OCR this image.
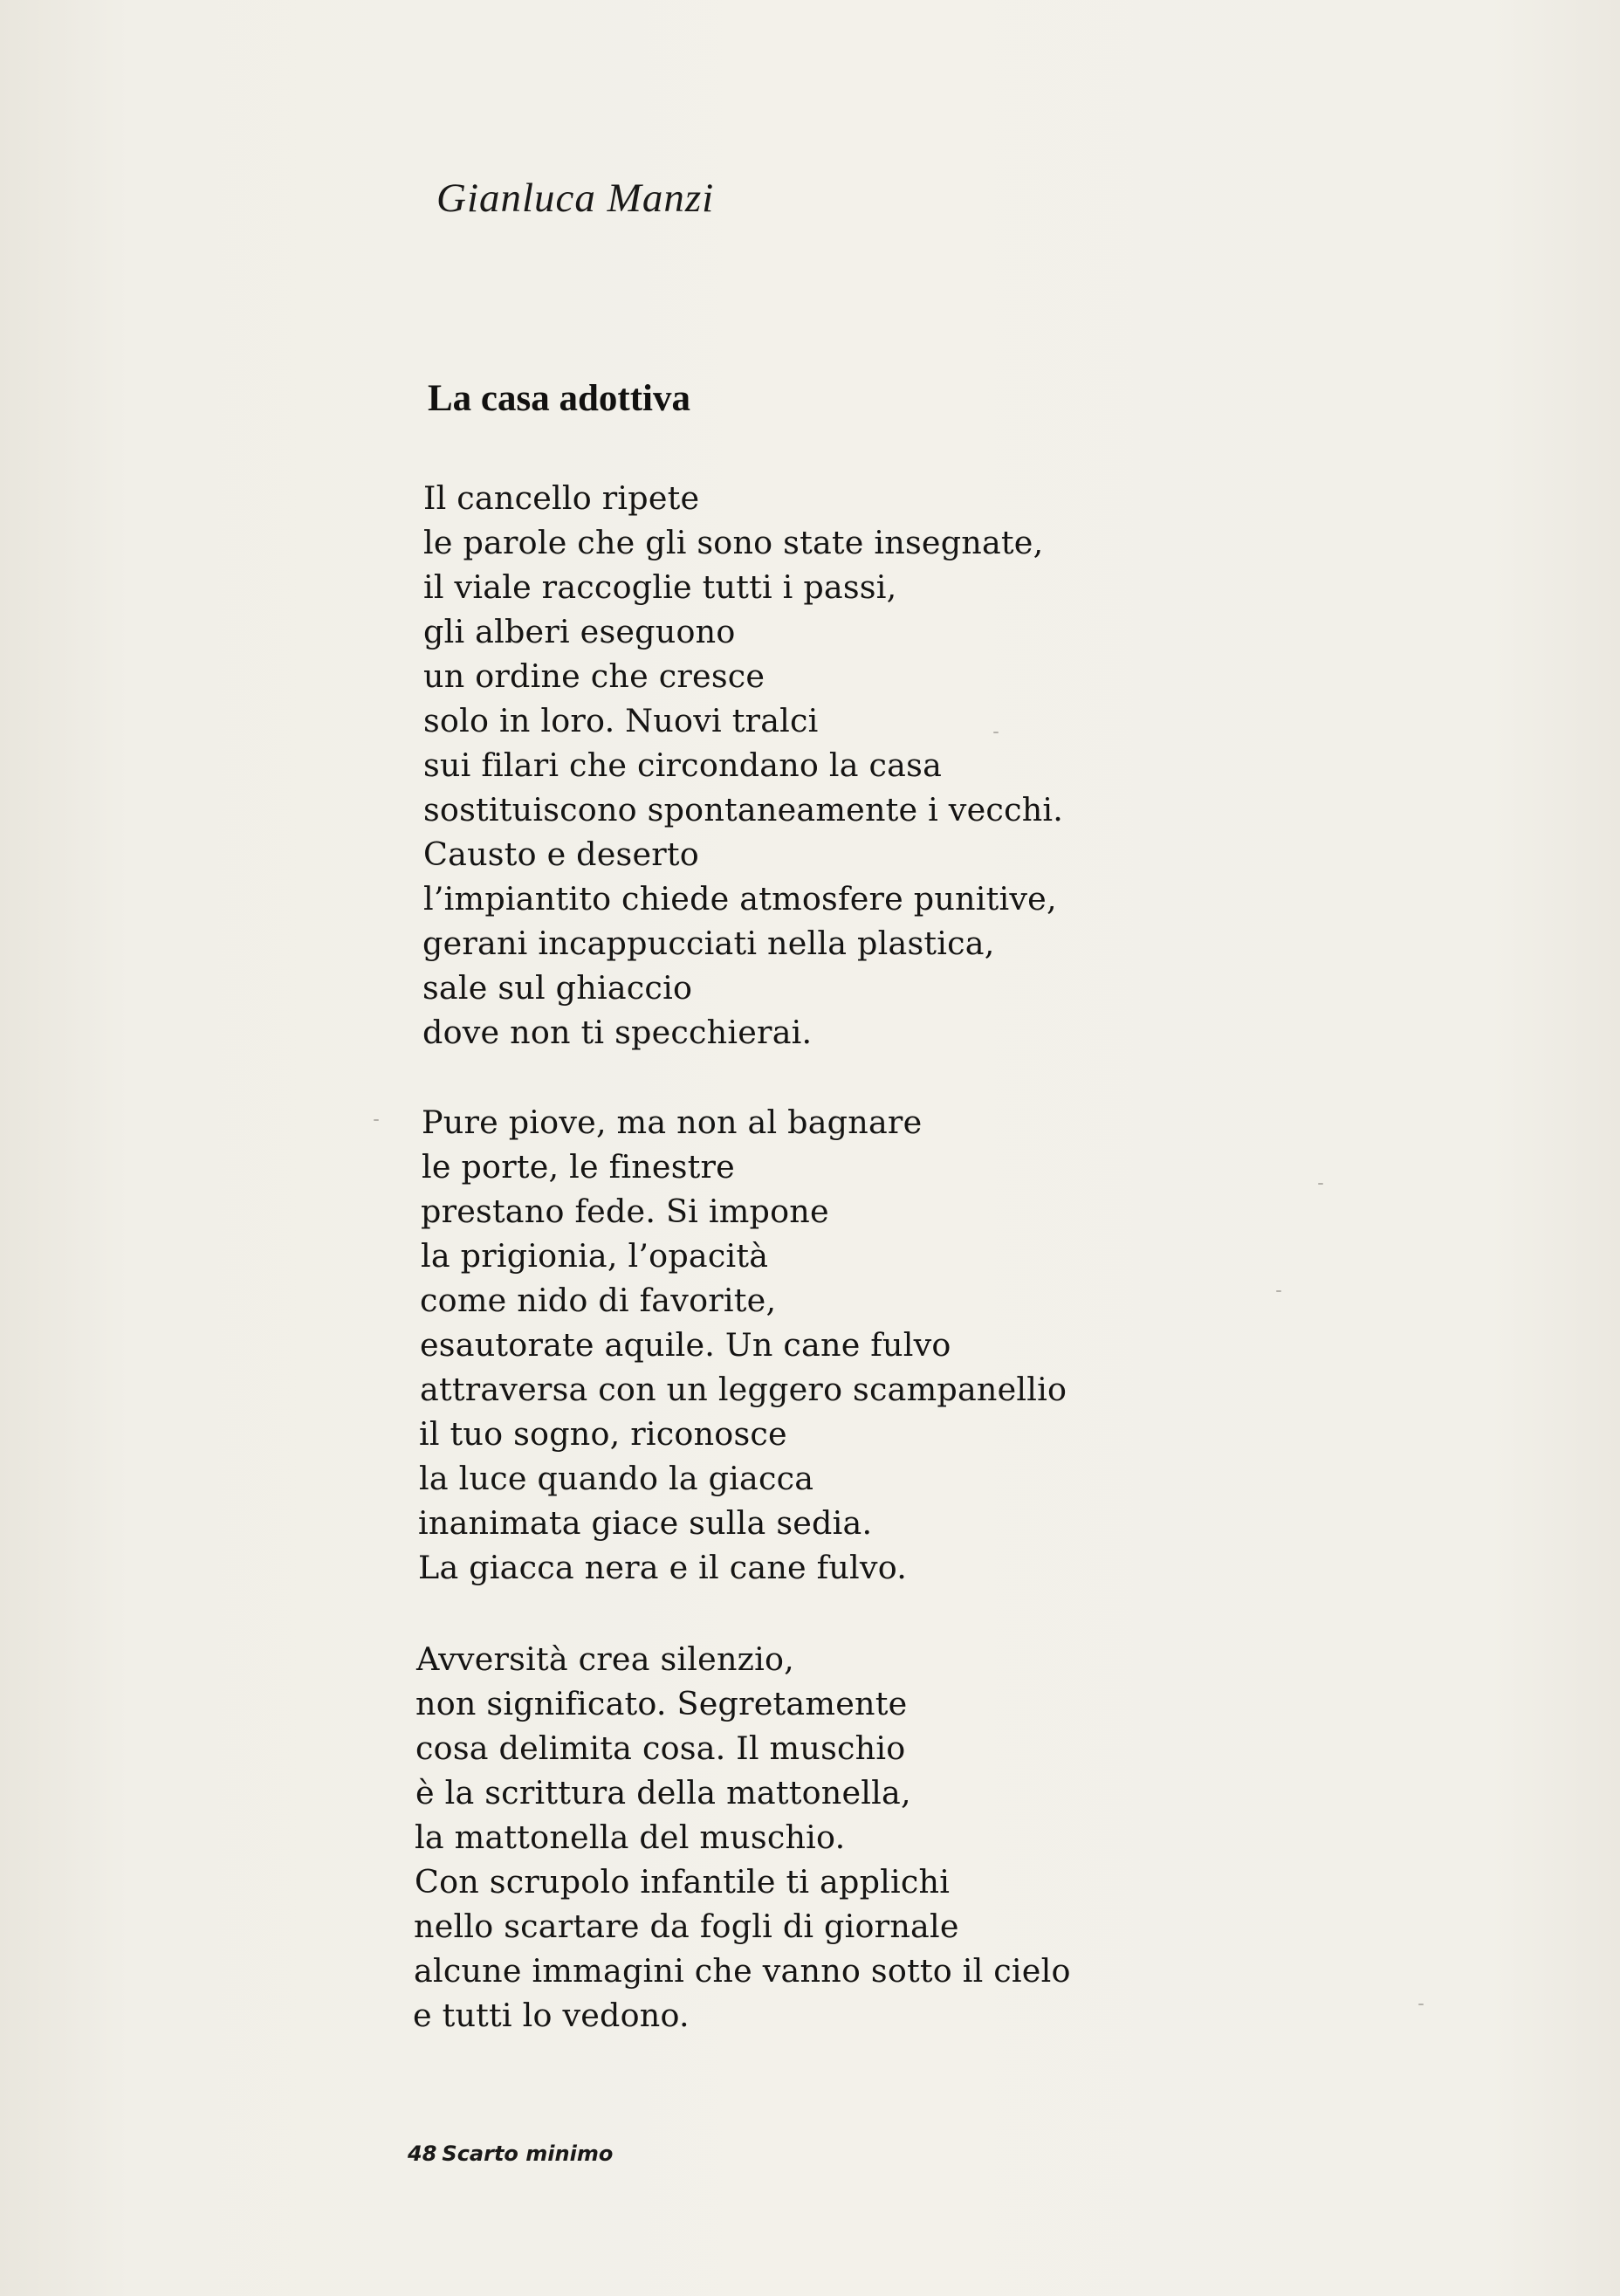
Gianluca Manzi

La casa adottiva
Il cancello ripete
le parole che gli sono state insegnate,
il viale raccoglie tutti i passi,
gli alberi eseguono
un ordine che cresce
solo in loro. Nuovi tralci
sui filari che circondano la casa
sostituiscono spontaneamente i vecchi.
Causto e deserto
l’impiantito chiede atmosfere punitive,
gerani incappucciati nella plastica,
sale sul ghiaccio
dove non ti specchierai.
Pure piove, ma non al bagnare
le porte, le finestre
prestano fede. Si impone
la prigionia, l’opacità
come nido di favorite,
esautorate aquile. Un cane fulvo
attraversa con un leggero scampanellio
il tuo sogno, riconosce
la luce quando la giacca
inanimata giace sulla sedia.
La giacca nera e il cane fulvo.
Avversità crea silenzio,
non significato. Segretamente
cosa delimita cosa. Il muschio
è la scrittura della mattonella,
la mattonella del muschio.
Con scrupolo infantile ti applichi
nello scartare da fogli di giornale
alcune immagini che vanno sotto il cielo
e tutti lo vedono.

48 Scarto minimo
